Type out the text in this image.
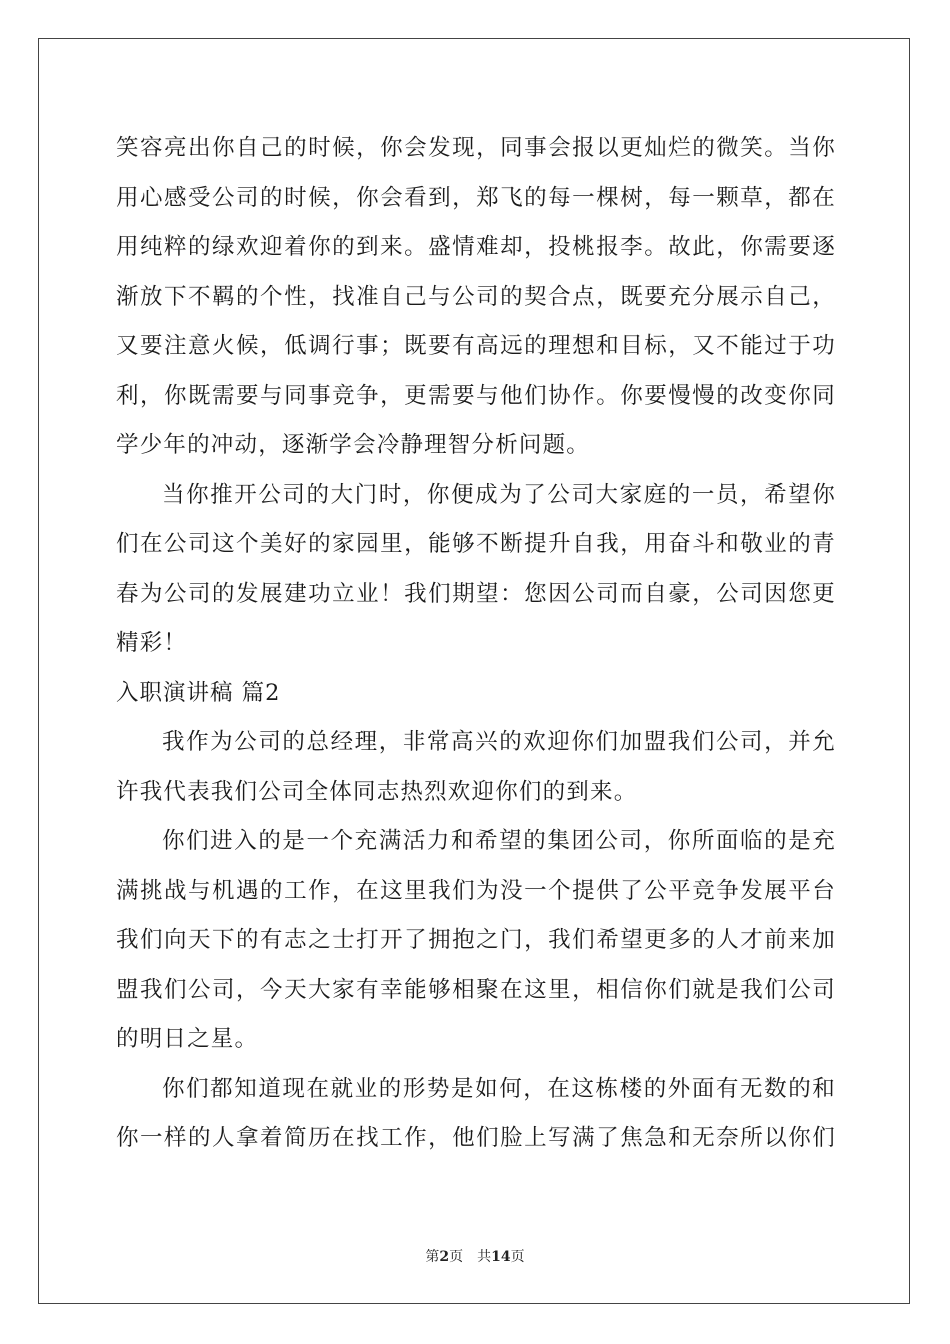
笑容亮出你自己的时候，你会发现，同事会报以更灿烂的微笑。当你
用心感受公司的时候，你会看到，郑飞的每一棵树，每一颗草，都在
用纯粹的绿欢迎着你的到来。盛情难却，投桃报李。故此，你需要逐
渐放下不羁的个性，找准自己与公司的契合点，既要充分展示自己，
又要注意火候，低调行事；既要有高远的理想和目标，又不能过于功
利，你既需要与同事竞争，更需要与他们协作。你要慢慢的改变你同
学少年的冲动，逐渐学会冷静理智分析问题。
当你推开公司的大门时，你便成为了公司大家庭的一员，希望你
们在公司这个美好的家园里，能够不断提升自我，用奋斗和敬业的青
春为公司的发展建功立业！我们期望：您因公司而自豪，公司因您更
精彩！
入职演讲稿 篇2
我作为公司的总经理，非常高兴的欢迎你们加盟我们公司，并允
许我代表我们公司全体同志热烈欢迎你们的到来。
你们进入的是一个充满活力和希望的集团公司，你所面临的是充
满挑战与机遇的工作，在这里我们为没一个提供了公平竞争发展平台
我们向天下的有志之士打开了拥抱之门，我们希望更多的人才前来加
盟我们公司，今天大家有幸能够相聚在这里，相信你们就是我们公司
的明日之星。
你们都知道现在就业的形势是如何，在这栋楼的外面有无数的和
你一样的人拿着简历在找工作，他们脸上写满了焦急和无奈所以你们
第2页　共14页
